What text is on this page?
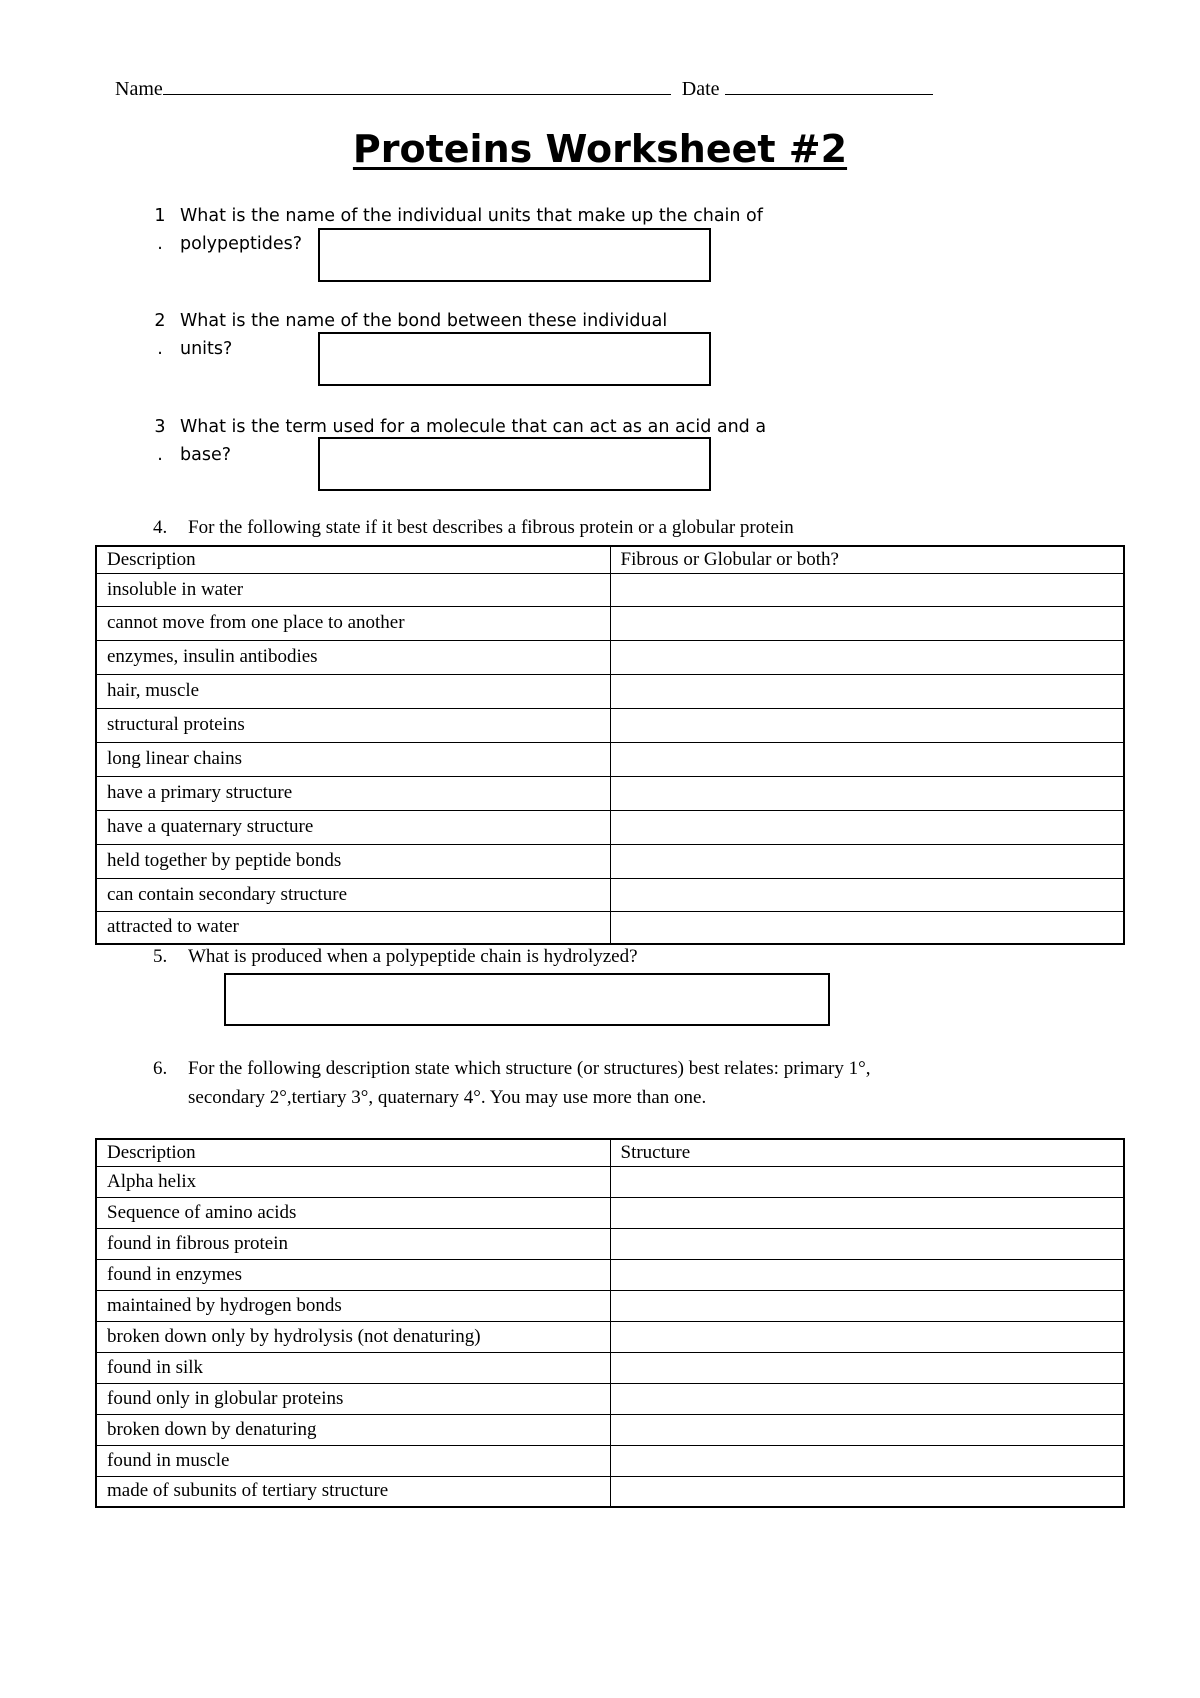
Name	Date
Proteins Worksheet #2
1
.
What is the name of the individual units that make up the chain of
polypeptides?
2
.
What is the name of the bond between these individual
units?
3
.
What is the term used for a molecule that can act as an acid and a
base?
4. For the following state if it best describes a fibrous protein or a globular protein
Description	Fibrous or Globular or both?
insoluble in water	
cannot move from one place to another	
enzymes, insulin antibodies	
hair, muscle	
structural proteins	
long linear chains	
have a primary structure	
have a quaternary structure	
held together by peptide bonds	
can contain secondary structure	
attracted to water	
5. What is produced when a polypeptide chain is hydrolyzed?
6. For the following description state which structure (or structures) best relates: primary 1°,
secondary 2°,tertiary 3°, quaternary 4°. You may use more than one.
Description	Structure
Alpha helix	
Sequence of amino acids	
found in fibrous protein	
found in enzymes	
maintained by hydrogen bonds	
broken down only by hydrolysis (not denaturing)	
found in silk	
found only in globular proteins	
broken down by denaturing	
found in muscle	
made of subunits of tertiary structure	
